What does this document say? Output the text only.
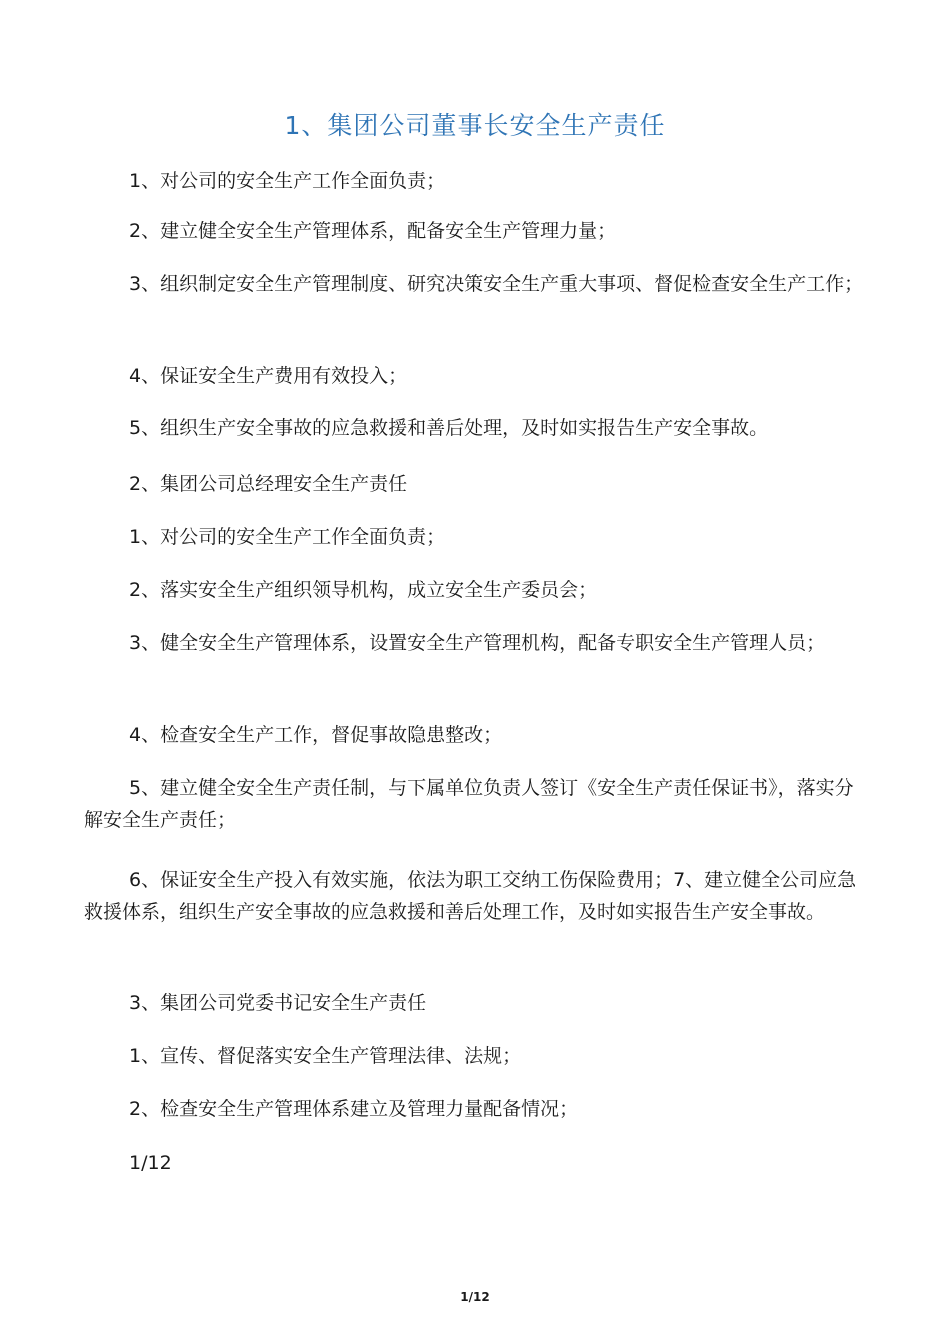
1、集团公司董事长安全生产责任

1、对公司的安全生产工作全面负责；

2、建立健全安全生产管理体系，配备安全生产管理力量；

3、组织制定安全生产管理制度、研究决策安全生产重大事项、督促检查安全生产工作；

4、保证安全生产费用有效投入；

5、组织生产安全事故的应急救援和善后处理，及时如实报告生产安全事故。

2、集团公司总经理安全生产责任

1、对公司的安全生产工作全面负责；

2、落实安全生产组织领导机构，成立安全生产委员会；

3、健全安全生产管理体系，设置安全生产管理机构，配备专职安全生产管理人员；

4、检查安全生产工作，督促事故隐患整改；

5、建立健全安全生产责任制，与下属单位负责人签订《安全生产责任保证书》，落实分解安全生产责任；

6、保证安全生产投入有效实施，依法为职工交纳工伤保险费用；7、建立健全公司应急救援体系，组织生产安全事故的应急救援和善后处理工作，及时如实报告生产安全事故。

3、集团公司党委书记安全生产责任

1、宣传、督促落实安全生产管理法律、法规；

2、检查安全生产管理体系建立及管理力量配备情况；

1/12

1/12
